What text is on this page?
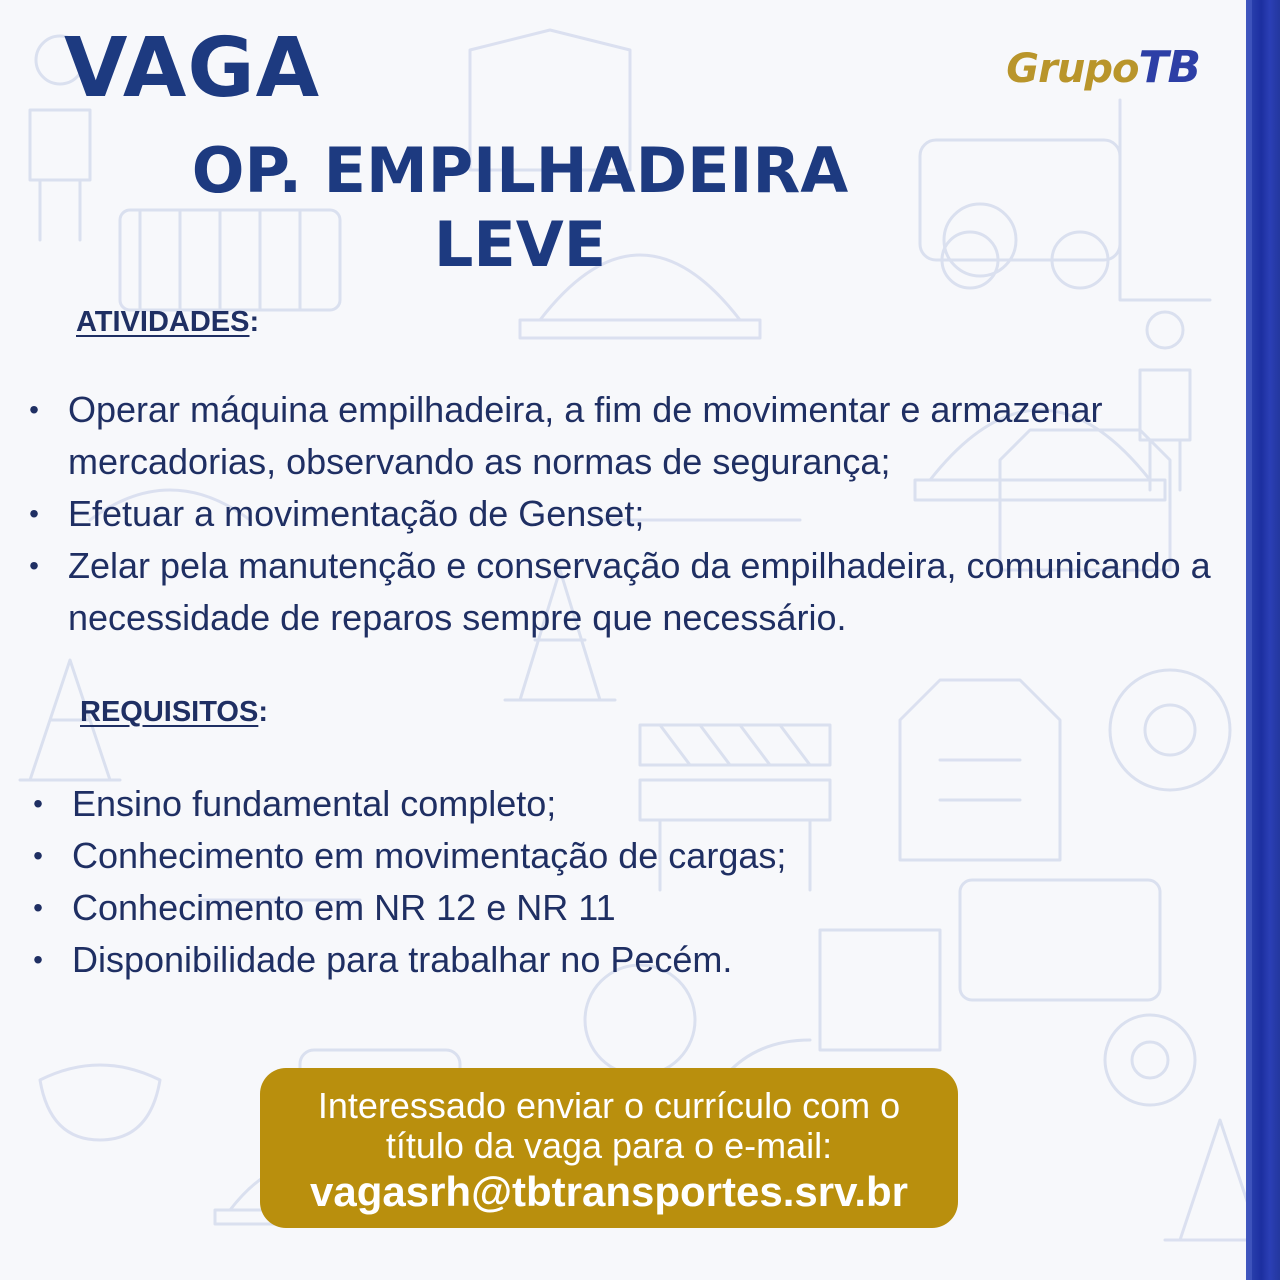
VAGA	GrupoTB
OP. EMPILHADEIRA
LEVE
ATIVIDADES:
• Operar máquina empilhadeira, a fim de movimentar e armazenar mercadorias, observando as normas de segurança;
• Efetuar a movimentação de Genset;
• Zelar pela manutenção e conservação da empilhadeira, comunicando a necessidade de reparos sempre que necessário.
REQUISITOS:
• Ensino fundamental completo;
• Conhecimento em movimentação de cargas;
• Conhecimento em NR 12 e NR 11
• Disponibilidade para trabalhar no Pecém.
Interessado enviar o currículo com o
título da vaga para o e-mail:
vagasrh@tbtransportes.srv.br
